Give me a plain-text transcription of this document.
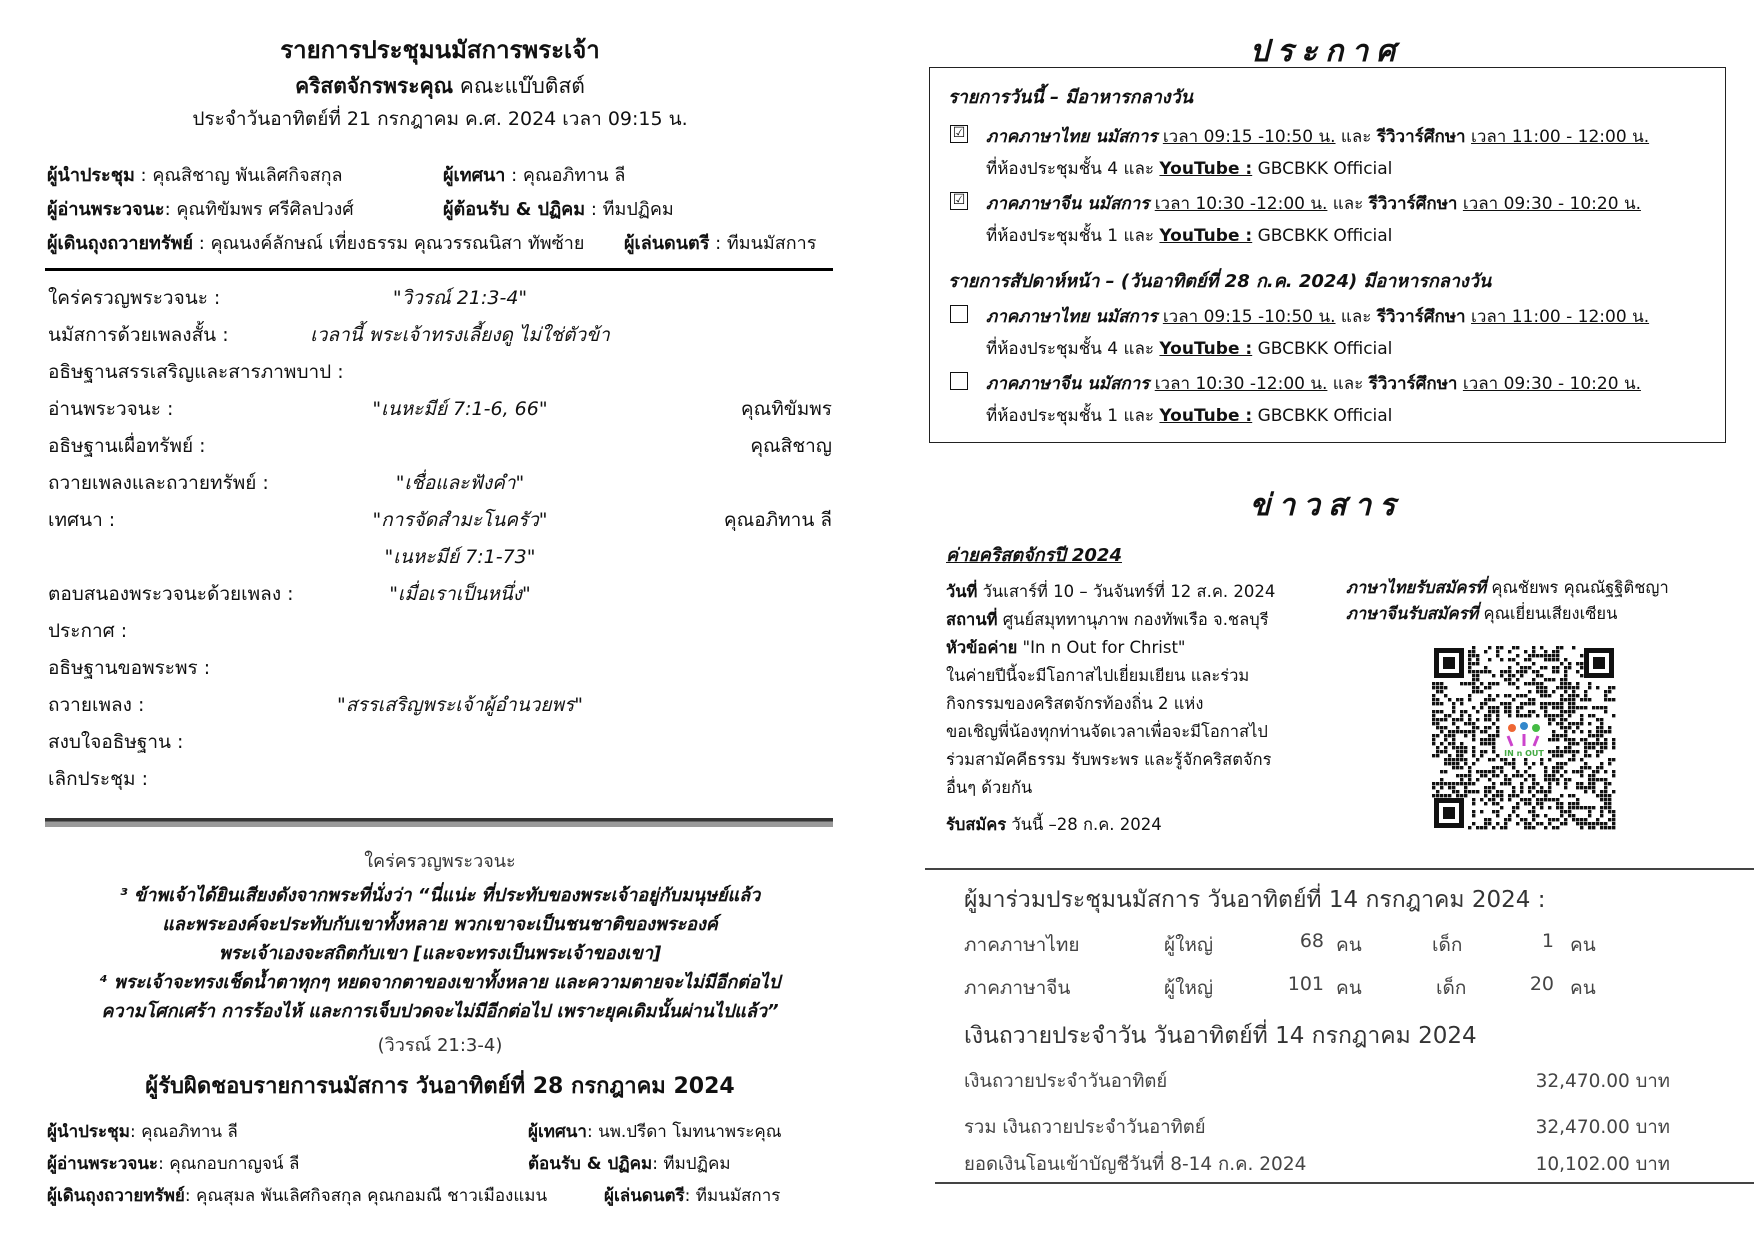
รายการประชุมนมัสการพระเจ้า
คริสตจักรพระคุณ คณะแบ๊บติสต์
ประจำวันอาทิตย์ที่ 21 กรกฎาคม ค.ศ. 2024 เวลา 09:15 น.
ผู้นำประชุม : คุณสิชาญ พันเลิศกิจสกุล	ผู้เทศนา : คุณอภิทาน ลี
ผู้อ่านพระวจนะ: คุณทิขัมพร ศรีศิลปวงศ์	ผู้ต้อนรับ & ปฏิคม : ทีมปฏิคม
ผู้เดินถุงถวายทรัพย์ : คุณนงค์ลักษณ์ เที่ยงธรรม คุณวรรณนิสา ทัพซ้าย ผู้เล่นดนตรี : ทีมนมัสการ
ใคร่ครวญพระวจนะ :	"วิวรณ์ 21:3-4"
นมัสการด้วยเพลงสั้น :	เวลานี้ พระเจ้าทรงเลี้ยงดู ไม่ใช่ตัวข้า
อธิษฐานสรรเสริญและสารภาพบาป :
อ่านพระวจนะ :	"เนหะมีย์ 7:1-6, 66"	คุณทิขัมพร
อธิษฐานเผื่อทรัพย์ :	คุณสิชาญ
ถวายเพลงและถวายทรัพย์ :	"เชื่อและฟังคำ"
เทศนา :	"การจัดสำมะโนครัว"	คุณอภิทาน ลี
"เนหะมีย์ 7:1-73"
ตอบสนองพระวจนะด้วยเพลง :	"เมื่อเราเป็นหนึ่ง"
ประกาศ :
อธิษฐานขอพระพร :
ถวายเพลง :	"สรรเสริญพระเจ้าผู้อำนวยพร"
สงบใจอธิษฐาน :
เลิกประชุม :
ใคร่ครวญพระวจนะ
³ ข้าพเจ้าได้ยินเสียงดังจากพระที่นั่งว่า “นี่แน่ะ ที่ประทับของพระเจ้าอยู่กับมนุษย์แล้ว
และพระองค์จะประทับกับเขาทั้งหลาย พวกเขาจะเป็นชนชาติของพระองค์
พระเจ้าเองจะสถิตกับเขา [และจะทรงเป็นพระเจ้าของเขา]
⁴ พระเจ้าจะทรงเช็ดน้ำตาทุกๆ หยดจากตาของเขาทั้งหลาย และความตายจะไม่มีอีกต่อไป
ความโศกเศร้า การร้องไห้ และการเจ็บปวดจะไม่มีอีกต่อไป เพราะยุคเดิมนั้นผ่านไปแล้ว”
(วิวรณ์ 21:3-4)
ผู้รับผิดชอบรายการนมัสการ วันอาทิตย์ที่ 28 กรกฎาคม 2024
ผู้นำประชุม: คุณอภิทาน ลี	ผู้เทศนา: นพ.ปรีดา โมทนาพระคุณ
ผู้อ่านพระวจนะ: คุณกอบกาญจน์ ลี	ต้อนรับ & ปฏิคม: ทีมปฏิคม
ผู้เดินถุงถวายทรัพย์: คุณสุมล พันเลิศกิจสกุล คุณกอมณี ชาวเมืองแมน	ผู้เล่นดนตรี: ทีมนมัสการ
ประกาศ
รายการวันนี้ – มีอาหารกลางวัน
☑ ภาคภาษาไทย นมัสการ เวลา 09:15 -10:50 น. และ รีวิวาร์ศึกษา เวลา 11:00 - 12:00 น.
ที่ห้องประชุมชั้น 4 และ YouTube : GBCBKK Official
☑ ภาคภาษาจีน นมัสการ เวลา 10:30 -12:00 น. และ รีวิวาร์ศึกษา เวลา 09:30 - 10:20 น.
ที่ห้องประชุมชั้น 1 และ YouTube : GBCBKK Official
รายการสัปดาห์หน้า – (วันอาทิตย์ที่ 28 ก.ค. 2024) มีอาหารกลางวัน
ภาคภาษาไทย นมัสการ เวลา 09:15 -10:50 น. และ รีวิวาร์ศึกษา เวลา 11:00 - 12:00 น.
ที่ห้องประชุมชั้น 4 และ YouTube : GBCBKK Official
ภาคภาษาจีน นมัสการ เวลา 10:30 -12:00 น. และ รีวิวาร์ศึกษา เวลา 09:30 - 10:20 น.
ที่ห้องประชุมชั้น 1 และ YouTube : GBCBKK Official
ข่าวสาร
ค่ายคริสตจักรปี 2024
วันที่ วันเสาร์ที่ 10 – วันจันทร์ที่ 12 ส.ค. 2024
สถานที่ ศูนย์สมุททานุภาพ กองทัพเรือ จ.ชลบุรี
หัวข้อค่าย "In n Out for Christ"
ในค่ายปีนี้จะมีโอกาสไปเยี่ยมเยียน และร่วม
กิจกรรมของคริสตจักรท้องถิ่น 2 แห่ง
ขอเชิญพี่น้องทุกท่านจัดเวลาเพื่อจะมีโอกาสไป
ร่วมสามัคคีธรรม รับพระพร และรู้จักคริสตจักร
อื่นๆ ด้วยกัน
รับสมัคร วันนี้ –28 ก.ค. 2024
ภาษาไทยรับสมัครที่ คุณชัยพร คุณณัฐฐิติชญา
ภาษาจีนรับสมัครที่ คุณเยี่ยนเสียงเซียน
IN n OUT
ผู้มาร่วมประชุมนมัสการ วันอาทิตย์ที่ 14 กรกฎาคม 2024 :
ภาคภาษาไทย	ผู้ใหญ่	68 คน	เด็ก	1 คน
ภาคภาษาจีน	ผู้ใหญ่	101 คน	เด็ก	20 คน
เงินถวายประจำวัน วันอาทิตย์ที่ 14 กรกฎาคม 2024
เงินถวายประจำวันอาทิตย์	32,470.00 บาท
รวม เงินถวายประจำวันอาทิตย์	32,470.00 บาท
ยอดเงินโอนเข้าบัญชีวันที่ 8-14 ก.ค. 2024	10,102.00 บาท
